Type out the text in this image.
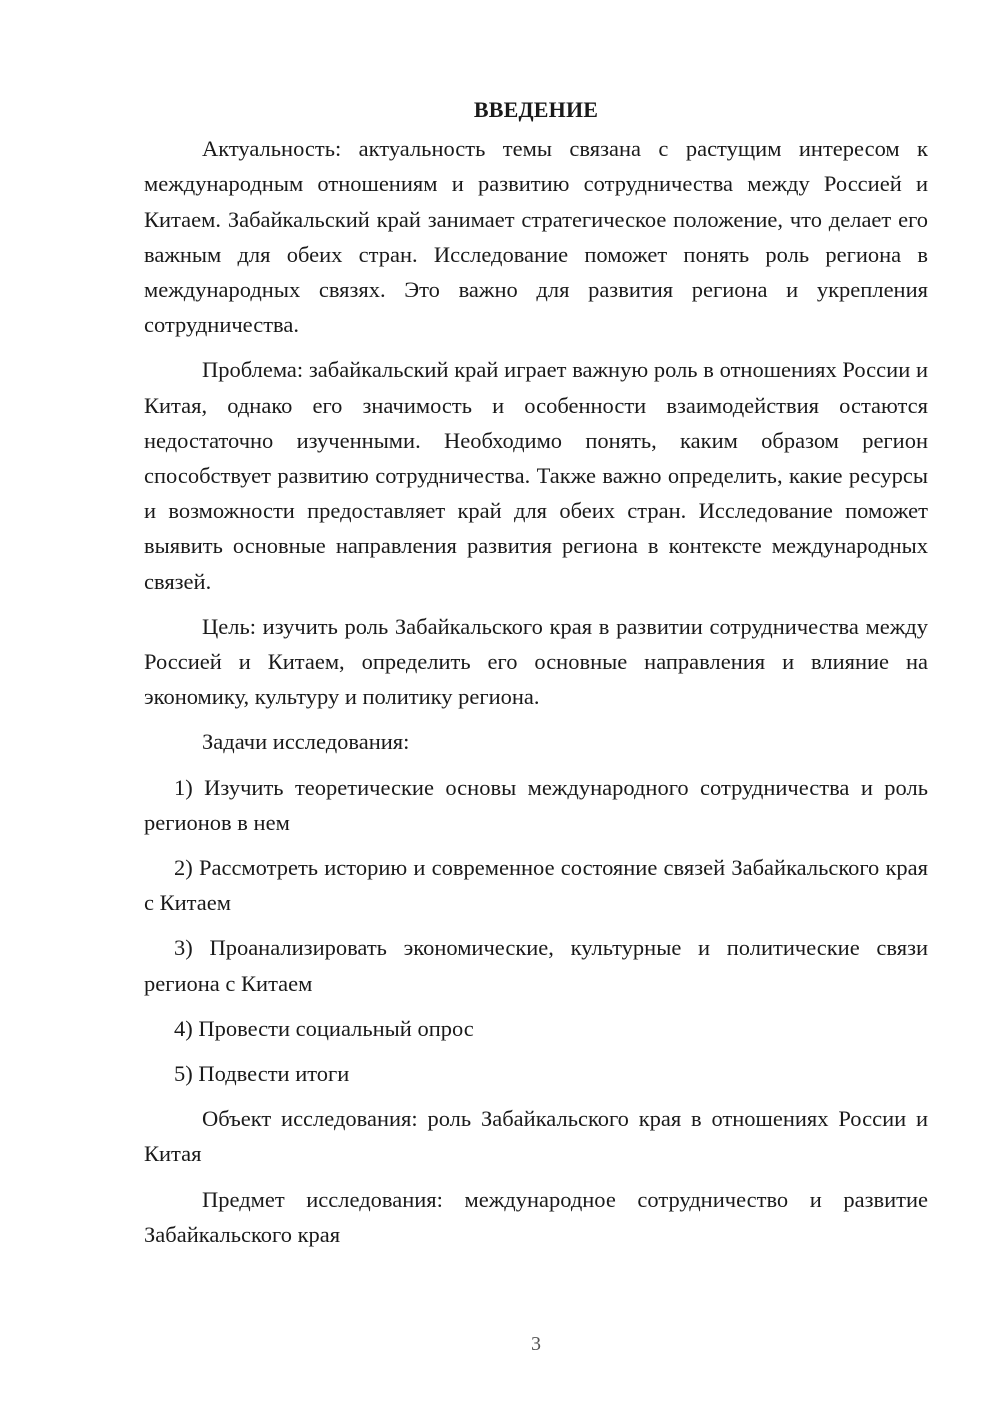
ВВЕДЕНИЕ

Актуальность: актуальность темы связана с растущим интересом к международным отношениям и развитию сотрудничества между Россией и Китаем. Забайкальский край занимает стратегическое положение, что делает его важным для обеих стран. Исследование поможет понять роль региона в международных связях. Это важно для развития региона и укрепления сотрудничества.

Проблема: забайкальский край играет важную роль в отношениях России и Китая, однако его значимость и особенности взаимодействия остаются недостаточно изученными. Необходимо понять, каким образом регион способствует развитию сотрудничества. Также важно определить, какие ресурсы и возможности предоставляет край для обеих стран. Исследование поможет выявить основные направления развития региона в контексте международных связей.

Цель: изучить роль Забайкальского края в развитии сотрудничества между Россией и Китаем, определить его основные направления и влияние на экономику, культуру и политику региона.

Задачи исследования:

1) Изучить теоретические основы международного сотрудничества и роль регионов в нем

2) Рассмотреть историю и современное состояние связей Забайкальского края с Китаем

3) Проанализировать экономические, культурные и политические связи региона с Китаем

4) Провести социальный опрос

5) Подвести итоги

Объект исследования: роль Забайкальского края в отношениях России и Китая

Предмет исследования: международное сотрудничество и развитие Забайкальского края

3
